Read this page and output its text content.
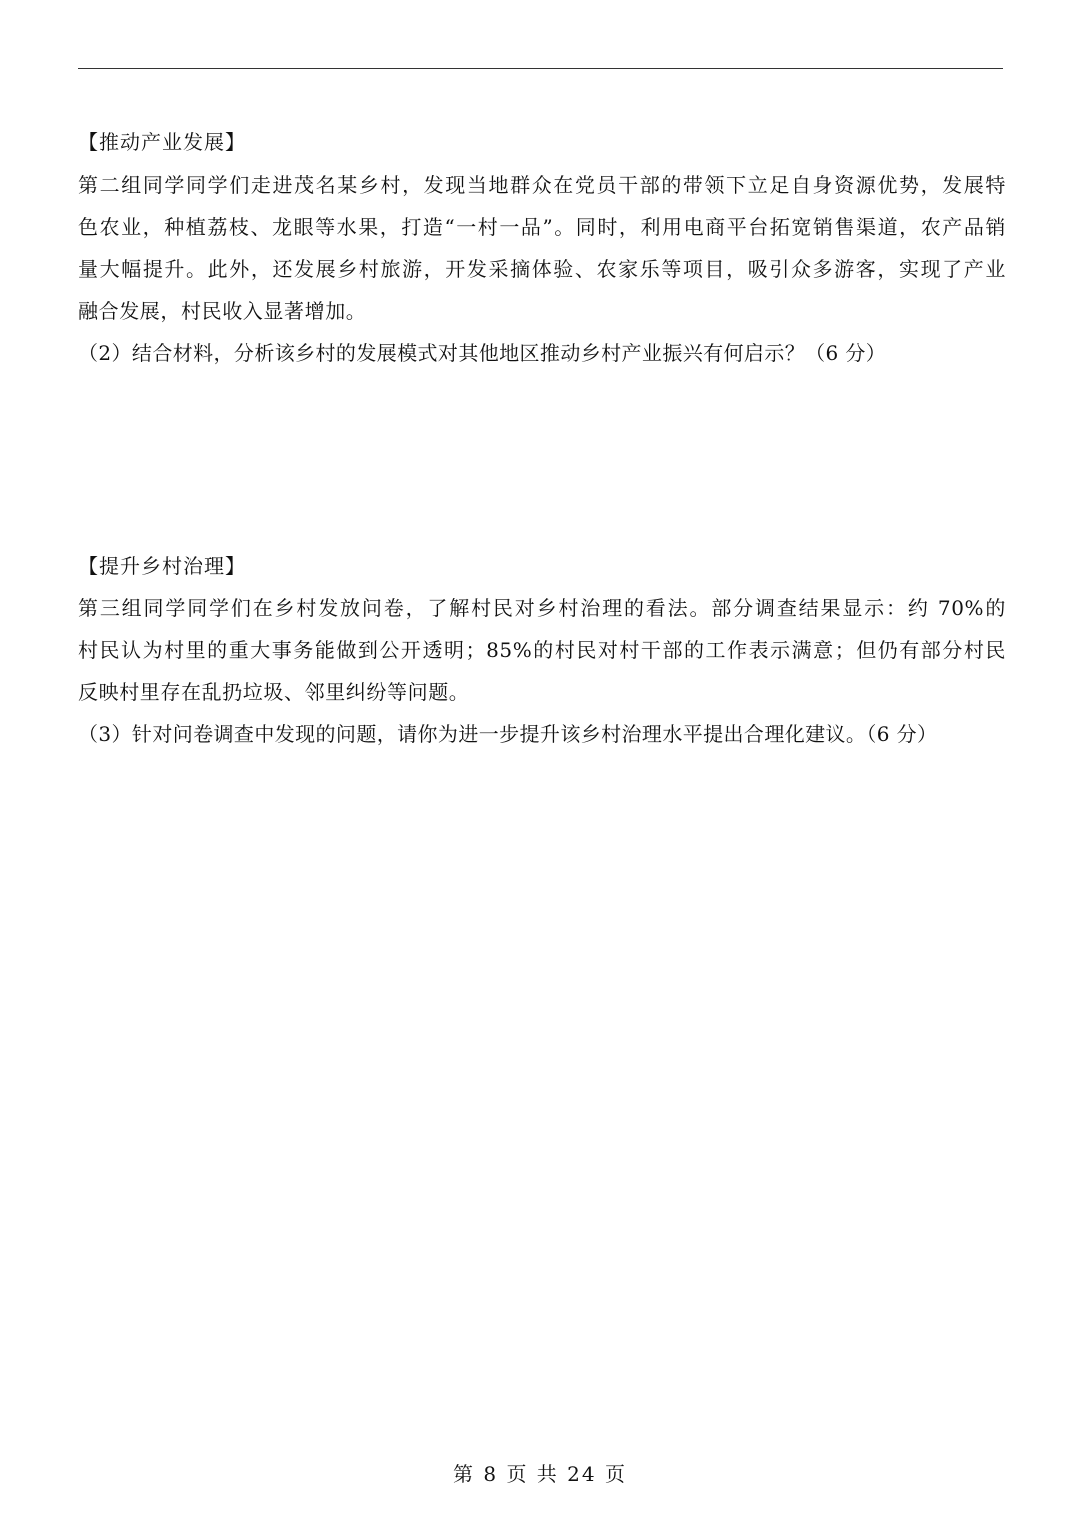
【推动产业发展】
第二组同学同学们走进茂名某乡村，发现当地群众在党员干部的带领下立足自身资源优势，发展特
色农业，种植荔枝、龙眼等水果，打造“一村一品”。同时，利用电商平台拓宽销售渠道，农产品销
量大幅提升。此外，还发展乡村旅游，开发采摘体验、农家乐等项目，吸引众多游客，实现了产业
融合发展，村民收入显著增加。
（2）结合材料，分析该乡村的发展模式对其他地区推动乡村产业振兴有何启示？（6 分）
【提升乡村治理】
第三组同学同学们在乡村发放问卷，了解村民对乡村治理的看法。部分调查结果显示：约 70%的
村民认为村里的重大事务能做到公开透明；85%的村民对村干部的工作表示满意；但仍有部分村民
反映村里存在乱扔垃圾、邻里纠纷等问题。
（3）针对问卷调查中发现的问题，请你为进一步提升该乡村治理水平提出合理化建议。（6 分）
第 8 页 共 24 页
